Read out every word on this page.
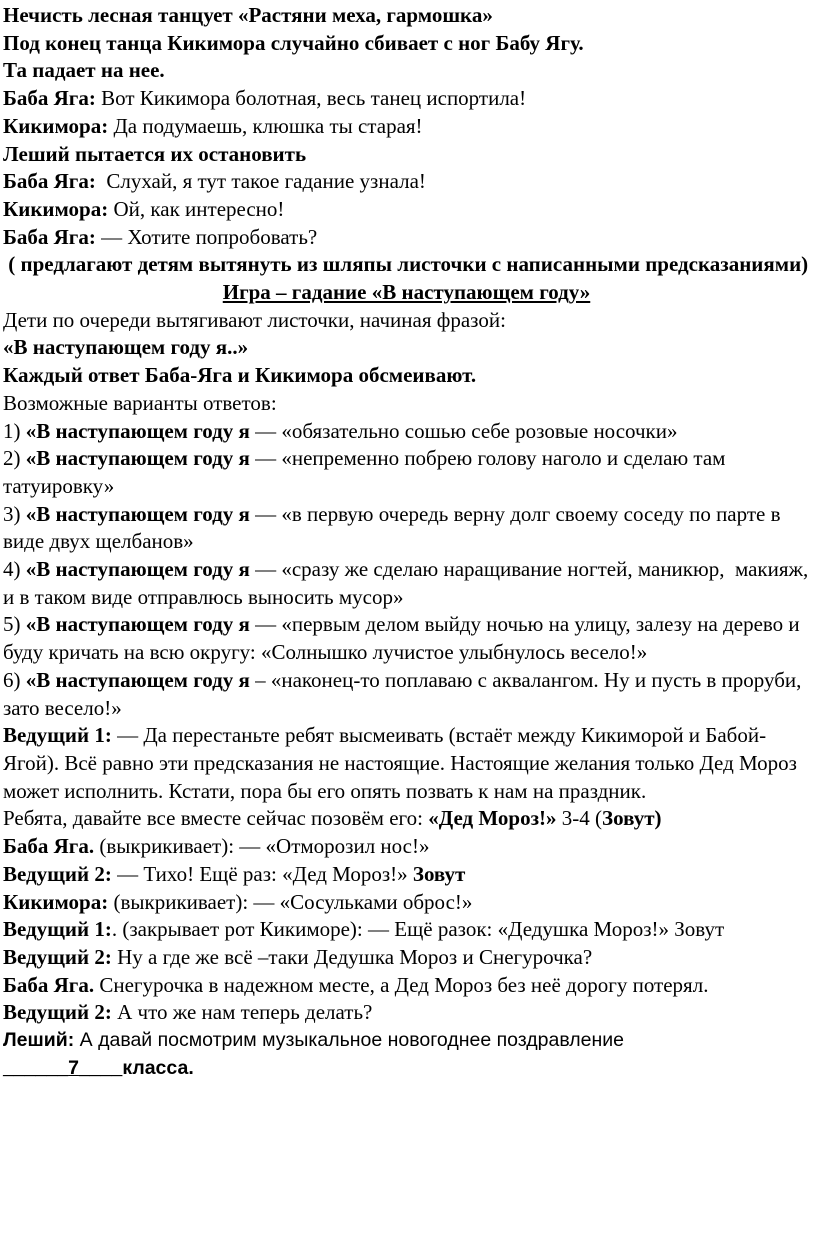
Нечисть лесная танцует «Растяни меха, гармошка»
Под конец танца Кикимора случайно сбивает с ног Бабу Ягу.
Та падает на нее.
Баба Яга: Вот Кикимора болотная, весь танец испортила!
Кикимора: Да подумаешь, клюшка ты старая!
Леший пытается их остановить
Баба Яга:  Слухай, я тут такое гадание узнала!
Кикимора: Ой, как интересно!
Баба Яга: — Хотите попробовать?
( предлагают детям вытянуть из шляпы листочки с написанными предсказаниями)
Игра – гадание «В наступающем году»
Дети по очереди вытягивают листочки, начиная фразой:
«В наступающем году я..»
Каждый ответ Баба-Яга и Кикимора обсмеивают.
Возможные варианты ответов:
1) «В наступающем году я — «обязательно сошью себе розовые носочки»
2) «В наступающем году я — «непременно побрею голову наголо и сделаю там  татуировку»
3) «В наступающем году я — «в первую очередь верну долг своему соседу по парте в виде двух щелбанов»
4) «В наступающем году я — «сразу же сделаю наращивание ногтей, маникюр,  макияж, и в таком виде отправлюсь выносить мусор»
5) «В наступающем году я — «первым делом выйду ночью на улицу, залезу на дерево и буду кричать на всю округу: «Солнышко лучистое улыбнулось весело!»
6) «В наступающем году я – «наконец-то поплаваю с аквалангом. Ну и пусть в проруби, зато весело!»
Ведущий 1: — Да перестаньте ребят высмеивать (встаёт между Кикиморой и Бабой-Ягой). Всё равно эти предсказания не настоящие. Настоящие желания только Дед Мороз может исполнить. Кстати, пора бы его опять позвать к нам на праздник.
Ребята, давайте все вместе сейчас позовём его: «Дед Мороз!» 3-4 (Зовут)
Баба Яга. (выкрикивает): — «Отморозил нос!»
Ведущий 2: — Тихо! Ещё раз: «Дед Мороз!» Зовут
Кикимора: (выкрикивает): — «Сосульками оброс!»
Ведущий 1:. (закрывает рот Кикиморе): — Ещё разок: «Дедушка Мороз!» Зовут
Ведущий 2: Ну а где же всё –таки Дедушка Мороз и Снегурочка?
Баба Яга. Снегурочка в надежном месте, а Дед Мороз без неё дорогу потерял.
Ведущий 2: А что же нам теперь делать?
Леший: А давай посмотрим музыкальное новогоднее поздравление
______7____класса.
